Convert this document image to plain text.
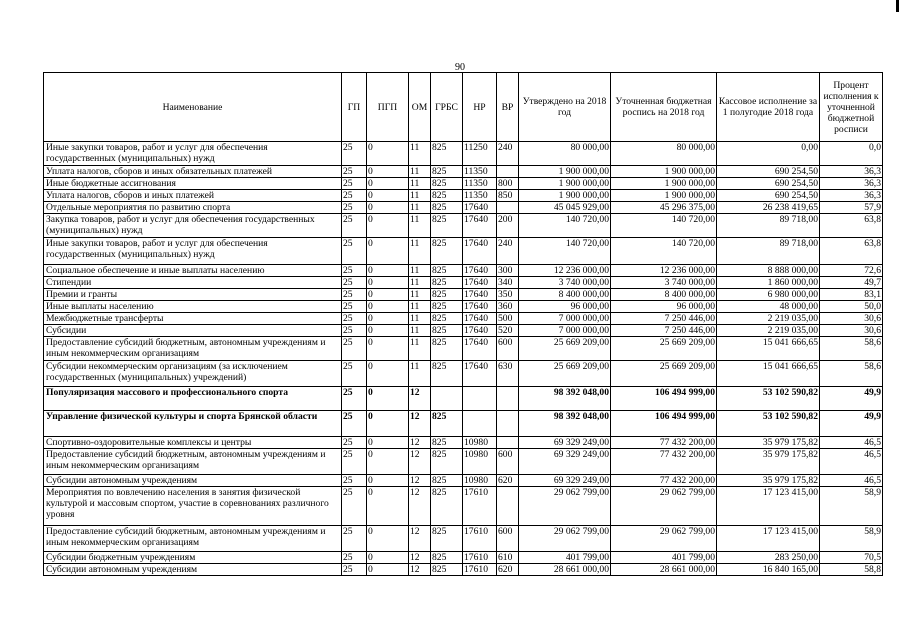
90
Наименование	ГП	ПГП	ОМ	ГРБС	НР	ВР	Утверждено на 2018 год	Уточненная бюджетная роспись на 2018 год	Кассовое исполнение за 1 полугодие 2018 года	Процент исполнения к уточненной бюджетной росписи
Иные закупки товаров, работ и услуг для обеспечения государственных (муниципальных) нужд	25	0	11	825	11250	240	80 000,00	80 000,00	0,00	0,0
Уплата налогов, сборов и иных обязательных платежей	25	0	11	825	11350		1 900 000,00	1 900 000,00	690 254,50	36,3
Иные бюджетные ассигнования	25	0	11	825	11350	800	1 900 000,00	1 900 000,00	690 254,50	36,3
Уплата налогов, сборов и иных платежей	25	0	11	825	11350	850	1 900 000,00	1 900 000,00	690 254,50	36,3
Отдельные мероприятия по развитию спорта	25	0	11	825	17640		45 045 929,00	45 296 375,00	26 238 419,65	57,9
Закупка товаров, работ и услуг для обеспечения государственных (муниципальных) нужд	25	0	11	825	17640	200	140 720,00	140 720,00	89 718,00	63,8
Иные закупки товаров, работ и услуг для обеспечения государственных (муниципальных) нужд	25	0	11	825	17640	240	140 720,00	140 720,00	89 718,00	63,8
Социальное обеспечение и иные выплаты населению	25	0	11	825	17640	300	12 236 000,00	12 236 000,00	8 888 000,00	72,6
Стипендии	25	0	11	825	17640	340	3 740 000,00	3 740 000,00	1 860 000,00	49,7
Премии и гранты	25	0	11	825	17640	350	8 400 000,00	8 400 000,00	6 980 000,00	83,1
Иные выплаты населению	25	0	11	825	17640	360	96 000,00	96 000,00	48 000,00	50,0
Межбюджетные трансферты	25	0	11	825	17640	500	7 000 000,00	7 250 446,00	2 219 035,00	30,6
Субсидии	25	0	11	825	17640	520	7 000 000,00	7 250 446,00	2 219 035,00	30,6
Предоставление субсидий бюджетным, автономным учреждениям и иным некоммерческим организациям	25	0	11	825	17640	600	25 669 209,00	25 669 209,00	15 041 666,65	58,6
Субсидии некоммерческим организациям (за исключением государственных (муниципальных) учреждений)	25	0	11	825	17640	630	25 669 209,00	25 669 209,00	15 041 666,65	58,6
Популяризация массового и профессионального спорта	25	0	12				98 392 048,00	106 494 999,00	53 102 590,82	49,9
Управление физической культуры и спорта Брянской области	25	0	12	825			98 392 048,00	106 494 999,00	53 102 590,82	49,9
Спортивно-оздоровительные комплексы и центры	25	0	12	825	10980		69 329 249,00	77 432 200,00	35 979 175,82	46,5
Предоставление субсидий бюджетным, автономным учреждениям и иным некоммерческим организациям	25	0	12	825	10980	600	69 329 249,00	77 432 200,00	35 979 175,82	46,5
Субсидии автономным учреждениям	25	0	12	825	10980	620	69 329 249,00	77 432 200,00	35 979 175,82	46,5
Мероприятия по вовлечению населения в занятия физической культурой и массовым спортом, участие в соревнованиях различного уровня	25	0	12	825	17610		29 062 799,00	29 062 799,00	17 123 415,00	58,9
Предоставление субсидий бюджетным, автономным учреждениям и иным некоммерческим организациям	25	0	12	825	17610	600	29 062 799,00	29 062 799,00	17 123 415,00	58,9
Субсидии бюджетным учреждениям	25	0	12	825	17610	610	401 799,00	401 799,00	283 250,00	70,5
Субсидии автономным учреждениям	25	0	12	825	17610	620	28 661 000,00	28 661 000,00	16 840 165,00	58,8
